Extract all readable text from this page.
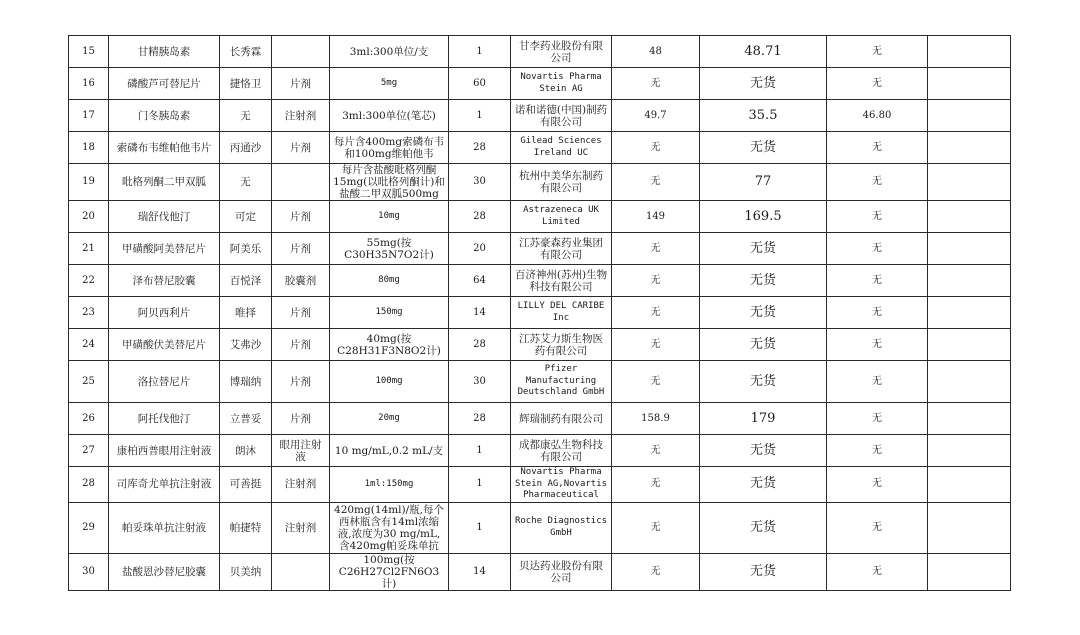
15	甘精胰岛素	长秀霖		3ml:300单位/支	1	甘李药业股份有限公司	48	48.71	无	
16	磷酸芦可替尼片	捷恪卫	片剂	5mg	60	Novartis Pharma Stein AG	无	无货	无	
17	门冬胰岛素	无	注射剂	3ml:300单位(笔芯)	1	诺和诺德(中国)制药有限公司	49.7	35.5	46.80	
18	索磷布韦维帕他韦片	丙通沙	片剂	每片含400mg索磷布韦和100mg维帕他韦	28	Gilead Sciences Ireland UC	无	无货	无	
19	吡格列酮二甲双胍	无		每片含盐酸吡格列酮15mg(以吡格列酮计)和盐酸二甲双胍500mg	30	杭州中美华东制药有限公司	无	77	无	
20	瑞舒伐他汀	可定	片剂	10mg	28	Astrazeneca UK Limited	149	169.5	无	
21	甲磺酸阿美替尼片	阿美乐	片剂	55mg(按C30H35N7O2计)	20	江苏豪森药业集团有限公司	无	无货	无	
22	泽布替尼胶囊	百悦泽	胶囊剂	80mg	64	百济神州(苏州)生物科技有限公司	无	无货	无	
23	阿贝西利片	唯择	片剂	150mg	14	LILLY DEL CARIBE Inc	无	无货	无	
24	甲磺酸伏美替尼片	艾弗沙	片剂	40mg(按C28H31F3N8O2计)	28	江苏艾力斯生物医药有限公司	无	无货	无	
25	洛拉替尼片	博瑞纳	片剂	100mg	30	Pfizer Manufacturing Deutschland GmbH	无	无货	无	
26	阿托伐他汀	立普妥	片剂	20mg	28	辉瑞制药有限公司	158.9	179	无	
27	康柏西普眼用注射液	朗沐	眼用注射液	10 mg/mL,0.2 mL/支	1	成都康弘生物科技有限公司	无	无货	无	
28	司库奇尤单抗注射液	可善挺	注射剂	1ml:150mg	1	Novartis Pharma Stein AG,Novartis Pharmaceutical	无	无货	无	
29	帕妥珠单抗注射液	帕捷特	注射剂	420mg(14ml)/瓶,每个西林瓶含有14ml浓缩液,浓度为30 mg/mL,含420mg帕妥珠单抗	1	Roche Diagnostics GmbH	无	无货	无	
30	盐酸恩沙替尼胶囊	贝美纳		100mg(按C26H27Cl2FN6O3计)	14	贝达药业股份有限公司	无	无货	无	
